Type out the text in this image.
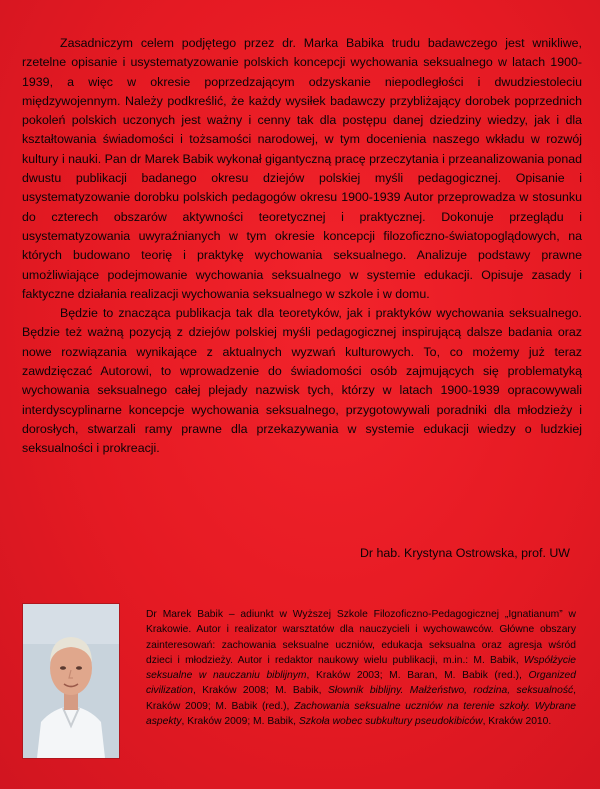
Zasadniczym celem podjętego przez dr. Marka Babika trudu badawczego jest wnikliwe, rzetelne opisanie i usystematyzowanie polskich koncepcji wychowania seksualnego w latach 1900-1939, a więc w okresie poprzedzającym odzyskanie niepodległości i dwudziestoleciu międzywojennym. Należy podkreślić, że każdy wysiłek badawczy przybliżający dorobek poprzednich pokoleń polskich uczonych jest ważny i cenny tak dla postępu danej dziedziny wiedzy, jak i dla kształtowania świadomości i tożsamości narodowej, w tym docenienia naszego wkładu w rozwój kultury i nauki. Pan dr Marek Babik wykonał gigantyczną pracę przeczytania i przeanalizowania ponad dwustu publikacji badanego okresu dziejów polskiej myśli pedagogicznej. Opisanie i usystematyzowanie dorobku polskich pedagogów okresu 1900-1939 Autor przeprowadza w stosunku do czterech obszarów aktywności teoretycznej i praktycznej. Dokonuje przeglądu i usystematyzowania uwyraźnianych w tym okresie koncepcji filozoficzno-światopoglądowych, na których budowano teorię i praktykę wychowania seksualnego. Analizuje podstawy prawne umożliwiające podejmowanie wychowania seksualnego w systemie edukacji. Opisuje zasady i faktyczne działania realizacji wychowania seksualnego w szkole i w domu.

Będzie to znacząca publikacja tak dla teoretyków, jak i praktyków wychowania seksualnego. Będzie też ważną pozycją z dziejów polskiej myśli pedagogicznej inspirującą dalsze badania oraz nowe rozwiązania wynikające z aktualnych wyzwań kulturowych. To, co możemy już teraz zawdzięczać Autorowi, to wprowadzenie do świadomości osób zajmujących się problematyką wychowania seksualnego całej plejady nazwisk tych, którzy w latach 1900-1939 opracowywali interdyscyplinarne koncepcje wychowania seksualnego, przygotowywali poradniki dla młodzieży i dorosłych, stwarzali ramy prawne dla przekazywania w systemie edukacji wiedzy o ludzkiej seksualności i prokreacji.

Dr hab. Krystyna Ostrowska, prof. UW
Dr Marek Babik – adiunkt w Wyższej Szkole Filozoficzno-Pedagogicznej „Ignatianum” w Krakowie. Autor i realizator warsztatów dla nauczycieli i wychowawców. Główne obszary zainteresowań: zachowania seksualne uczniów, edukacja seksualna oraz agresja wśród dzieci i młodzieży. Autor i redaktor naukowy wielu publikacji, m.in.: M. Babik, Współżycie seksualne w nauczaniu biblijnym, Kraków 2003; M. Baran, M. Babik (red.), Organized civilization, Kraków 2008; M. Babik, Słownik biblijny. Małżeństwo, rodzina, seksualność, Kraków 2009; M. Babik (red.), Zachowania seksualne uczniów na terenie szkoły. Wybrane aspekty, Kraków 2009; M. Babik, Szkoła wobec subkultury pseudokibiców, Kraków 2010.
